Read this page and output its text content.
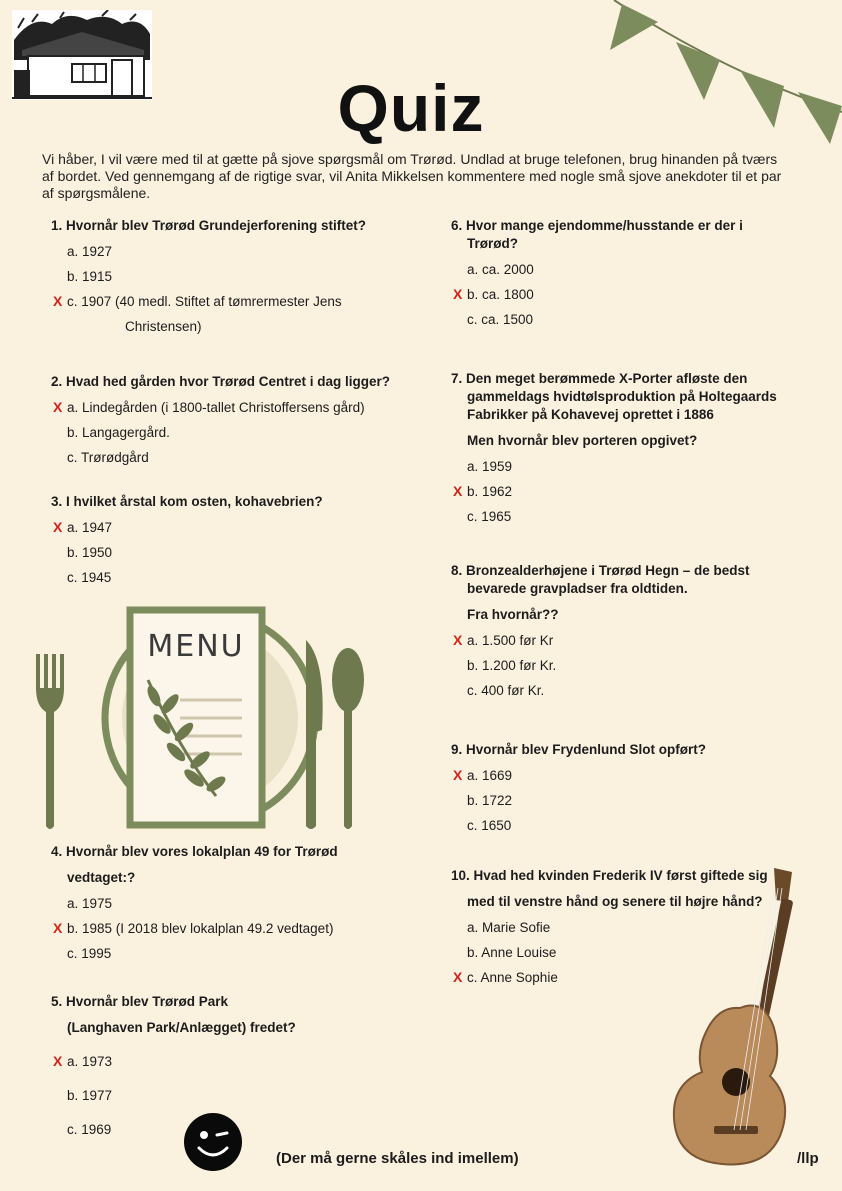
Quiz
Vi håber, I vil være med til at gætte på sjove spørgsmål om Trørød. Undlad at bruge telefonen, brug hinanden på tværs af bordet. Ved gennemgang af de rigtige svar, vil Anita Mikkelsen kommentere med nogle små sjove anekdoter til et par af spørgsmålene.
1. Hvornår blev Trørød Grundejerforening stiftet?
a. 1927
b. 1915
X c. 1907 (40 medl. Stiftet af tømrermester Jens
Christensen)
2. Hvad hed gården hvor Trørød Centret i dag ligger?
X a. Lindegården (i 1800-tallet Christoffersens gård)
b. Langagergård.
c. Trørødgård
3. I hvilket årstal kom osten, kohavebrien?
X a. 1947
b. 1950
c. 1945
MENU
4. Hvornår blev vores lokalplan 49 for Trørød
vedtaget:?
a. 1975
X b. 1985 (I 2018 blev lokalplan 49.2 vedtaget)
c. 1995
5. Hvornår blev Trørød Park
(Langhaven Park/Anlægget) fredet?
X a. 1973
b. 1977
c. 1969
6. Hvor mange ejendomme/husstande er der i
Trørød?
a. ca. 2000
X b. ca. 1800
c. ca. 1500
7. Den meget berømmede X-Porter afløste den
gammeldags hvidtølsproduktion på Holtegaards
Fabrikker på Kohavevej oprettet i 1886
Men hvornår blev porteren opgivet?
a. 1959
X b. 1962
c. 1965
8. Bronzealderhøjene i Trørød Hegn – de bedst
bevarede gravpladser fra oldtiden.
Fra hvornår??
X a. 1.500 før Kr
b. 1.200 før Kr.
c. 400 før Kr.
9. Hvornår blev Frydenlund Slot opført?
X a. 1669
b. 1722
c. 1650
10. Hvad hed kvinden Frederik IV først giftede sig
med til venstre hånd og senere til højre hånd?
a. Marie Sofie
b. Anne Louise
X c. Anne Sophie
(Der må gerne skåles ind imellem)	/llp
